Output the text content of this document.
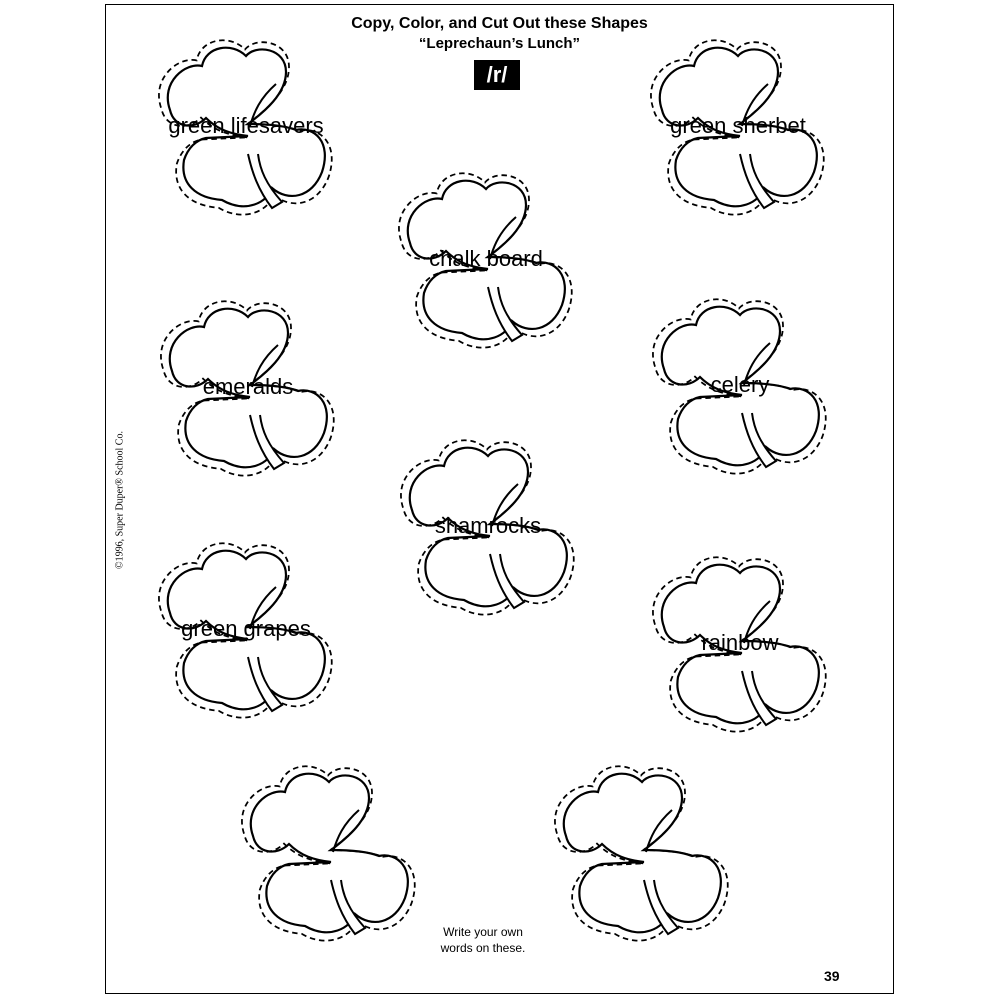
Copy, Color, and Cut Out these Shapes
“Leprechaun’s Lunch”
/r/
©1996, Super Duper® School Co.
green lifesavers	green sherbet
chalk board
emeralds	celery
shamrocks
green grapes
rainbow
Write your own words on these.
39
